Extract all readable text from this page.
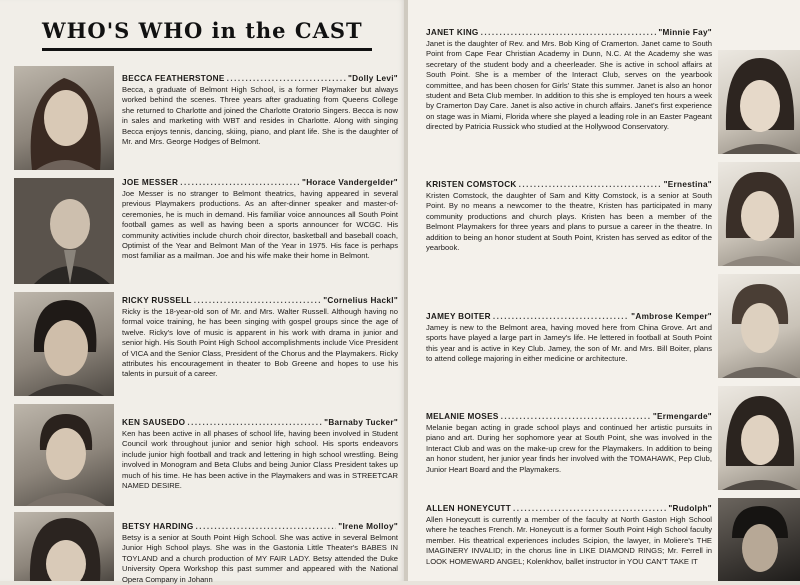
WHO'S WHO in the CAST
BECCA FEATHERSTONE .....	"Dolly Levi"
Becca, a graduate of Belmont High School, is a former Playmaker but always worked behind the scenes. Three years after graduating from Queens College she returned to Charlotte and joined the Charlotte Oratorio Singers. Becca is now in sales and marketing with WBT and resides in Charlotte. Along with singing Becca enjoys tennis, dancing, skiing, piano, and plant life. She is the daughter of Mr. and Mrs. George Hodges of Belmont.
JOE MESSER .....	"Horace Vandergelder"
Joe Messer is no stranger to Belmont theatrics, having appeared in several previous Playmakers productions. As an after-dinner speaker and master-of-ceremonies, he is much in demand. His familiar voice announces all South Point football games as well as having been a sports announcer for WCGC. His community activities include church choir director, basketball and baseball coach, Optimist of the Year and Belmont Man of the Year in 1975. His face is perhaps most familiar as a mailman. Joe and his wife make their home in Belmont.
RICKY RUSSELL .....	"Cornelius Hackl"
Ricky is the 18-year-old son of Mr. and Mrs. Walter Russell. Although having no formal voice training, he has been singing with gospel groups since the age of twelve. Ricky's love of music is apparent in his work with drama in junior and senior high. His South Point High School accomplishments include Vice President of VICA and the Senior Class, President of the Chorus and the Playmakers. Ricky attributes his encouragement in theater to Bob Greene and hopes to use his talents in pursuit of a career.
KEN SAUSEDO .....	"Barnaby Tucker"
Ken has been active in all phases of school life, having been involved in Student Council work throughout junior and senior high school. His sports endeavors include junior high football and track and lettering in high school wrestling. Being involved in Monogram and Beta Clubs and being Junior Class President takes up much of his time. He has been active in the Playmakers and was in STREETCAR NAMED DESIRE.
BETSY HARDING .....	"Irene Molloy"
Betsy is a senior at South Point High School. She was active in several Belmont Junior High School plays. She was in the Gastonia Little Theater's BABES IN TOYLAND and a church production of MY FAIR LADY. Betsy attended the Duke University Opera Workshop this past summer and appeared with the National Opera Company in Johann
JANET KING .....	"Minnie Fay"
Janet is the daughter of Rev. and Mrs. Bob King of Cramerton. Janet came to South Point from Cape Fear Christian Academy in Dunn, N.C. At the Academy she was secretary of the student body and a cheerleader. She is active in school affairs at South Point. She is a member of the Interact Club, serves on the yearbook committee, and has been chosen for Girls' State this summer. Janet is also an honor student and Beta Club member. In addition to this she is employed ten hours a week by Cramerton Day Care. Janet is also active in church affairs. Janet's first experience on stage was in Miami, Florida where she played a leading role in an Easter Pageant directed by Patricia Russick who studied at the Hollywood Conservatory.
KRISTEN COMSTOCK .....	"Ernestina"
Kristen Comstock, the daughter of Sam and Kitty Comstock, is a senior at South Point. By no means a newcomer to the theatre, Kristen has participated in many community productions and church plays. Kristen has been a member of the Belmont Playmakers for three years and plans to pursue a career in the theatre. In addition to being an honor student at South Point, Kristen has served as editor of the yearbook.
JAMEY BOITER .....	"Ambrose Kemper"
Jamey is new to the Belmont area, having moved here from China Grove. Art and sports have played a large part in Jamey's life. He lettered in football at South Point this year and is active in Key Club. Jamey, the son of Mr. and Mrs. Bill Boiter, plans to attend college majoring in either medicine or architecture.
MELANIE MOSES .....	"Ermengarde"
Melanie began acting in grade school plays and continued her artistic pursuits in piano and art. During her sophomore year at South Point, she was involved in the Interact Club and was on the make-up crew for the Playmakers. In addition to being an honor student, her junior year finds her involved with the TOMAHAWK, Pep Club, Junior Heart Board and the Playmakers.
ALLEN HONEYCUTT .....	"Rudolph"
Allen Honeycutt is currently a member of the faculty at North Gaston High School where he teaches French. Mr. Honeycutt is a former South Point High School faculty member. His theatrical experiences includes Scipion, the lawyer, in Moliere's THE IMAGINERY INVALID; in the chorus line in LIKE DIAMOND RINGS; Mr. Ferrell in LOOK HOMEWARD ANGEL; Kolenkhov, ballet instructor in YOU CAN'T TAKE IT
